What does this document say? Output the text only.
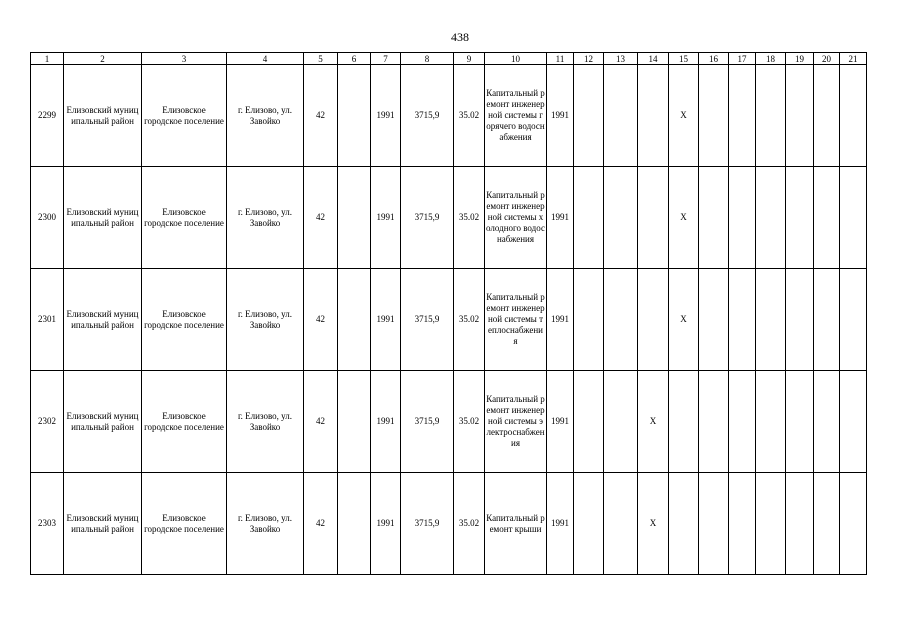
438
1	2	3	4	5	6	7	8	9	10	11	12	13	14	15	16	17	18	19	20	21
2299	Елизовский муниципальный район	Елизовское городское поселение	г. Елизово, ул. Завойко	42		1991	3715,9	35.02	Капитальный ремонт инженерной системы горячего водоснабжения	1991				X						
2300	Елизовский муниципальный район	Елизовское городское поселение	г. Елизово, ул. Завойко	42		1991	3715,9	35.02	Капитальный ремонт инженерной системы холодного водоснабжения	1991				X						
2301	Елизовский муниципальный район	Елизовское городское поселение	г. Елизово, ул. Завойко	42		1991	3715,9	35.02	Капитальный ремонт инженерной системы теплоснабжения	1991				X						
2302	Елизовский муниципальный район	Елизовское городское поселение	г. Елизово, ул. Завойко	42		1991	3715,9	35.02	Капитальный ремонт инженерной системы электроснабжения	1991			X							
2303	Елизовский муниципальный район	Елизовское городское поселение	г. Елизово, ул. Завойко	42		1991	3715,9	35.02	Капитальный ремонт крыши	1991			X							
